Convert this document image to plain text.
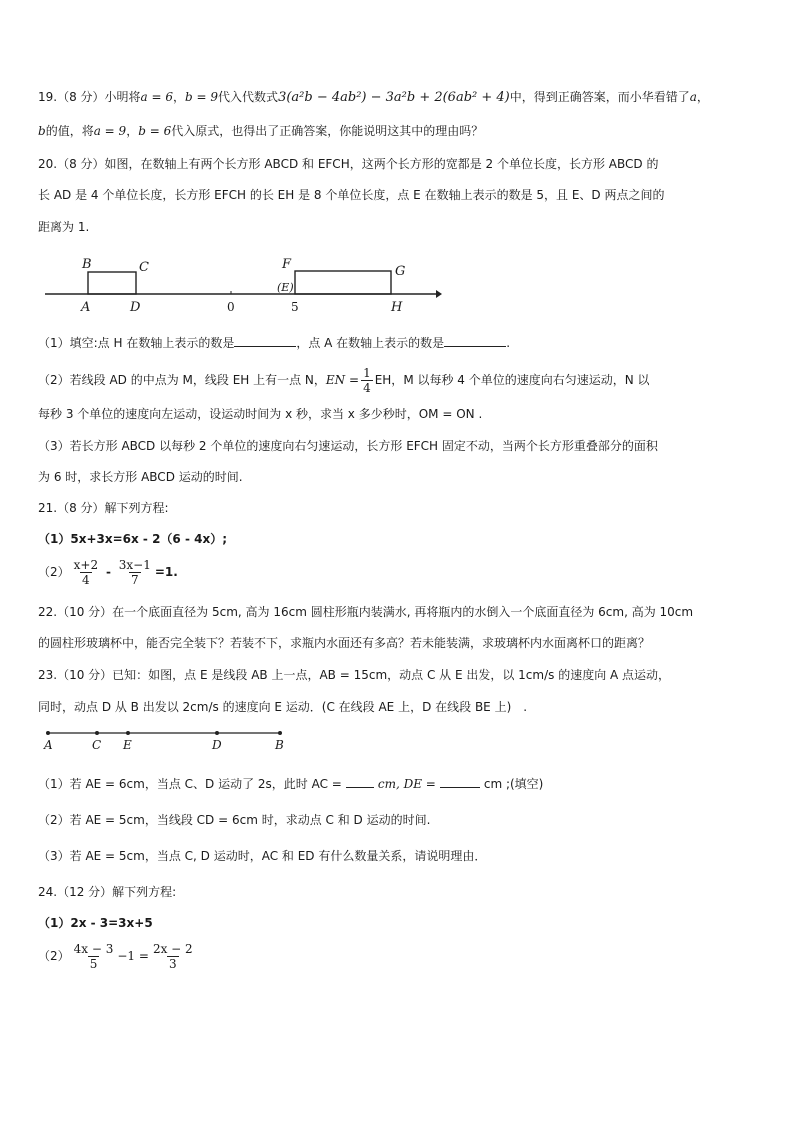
19.（8 分）小明将a = 6，b = 9代入代数式3(a²b − 4ab²) − 3a²b + 2(6ab² + 4)中，得到正确答案，而小华看错了a，
b的值，将a = 9，b = 6代入原式，也得出了正确答案，你能说明这其中的理由吗？
20.（8 分）如图，在数轴上有两个长方形 ABCD 和 EFCH，这两个长方形的宽都是 2 个单位长度，长方形 ABCD 的
长 AD 是 4 个单位长度，长方形 EFCH 的长 EH 是 8 个单位长度，点 E 在数轴上表示的数是 5，且 E、D 两点之间的
距离为 1.
B	C	F	G
A	D	0
(E)
5	H
（1）填空:点 H 在数轴上表示的数是	，点 A 在数轴上表示的数是	.
（2）若线段 AD 的中点为 M，线段 EH 上有一点 N，EN = $\frac{1}{4}$ EH，M 以每秒 4 个单位的速度向右匀速运动，N 以
每秒 3 个单位的速度向左运动，设运动时间为 x 秒，求当 x 多少秒时，OM = ON .
（3）若长方形 ABCD 以每秒 2 个单位的速度向右匀速运动，长方形 EFCH 固定不动，当两个长方形重叠部分的面积
为 6 时，求长方形 ABCD 运动的时间.
21.（8 分）解下列方程:
（1）5x+3x=6x - 2（6 - 4x）;
$(2) \frac{x+2}{4} - \frac{3x-1}{7} =1$.
22.（10 分）在一个底面直径为 5cm, 高为 16cm 圆柱形瓶内装满水, 再将瓶内的水倒入一个底面直径为 6cm, 高为 10cm
的圆柱形玻璃杯中，能否完全装下？若装不下，求瓶内水面还有多高？若未能装满，求玻璃杯内水面离杯口的距离？
23.（10 分）已知：如图，点 E 是线段 AB 上一点，AB = 15cm，动点 C 从 E 出发，以 1cm/s 的速度向 A 点运动，
同时，动点 D 从 B 出发以 2cm/s 的速度向 E 运动．(C 在线段 AE 上，D 在线段 BE 上)　.
A	C E	D	B
（1）若 AE = 6cm，当点 C、D 运动了 2s，此时 AC =	cm, DE =	cm ;(填空)
（2）若 AE = 5cm，当线段 CD = 6cm 时，求动点 C 和 D 运动的时间.
（3）若 AE = 5cm，当点 C, D 运动时，AC 和 ED 有什么数量关系，请说明理由．
24.（12 分）解下列方程:
（1）2x - 3=3x+5
$(2) \frac{4x - 3}{5} -1 = \frac{2x - 2}{3}$
